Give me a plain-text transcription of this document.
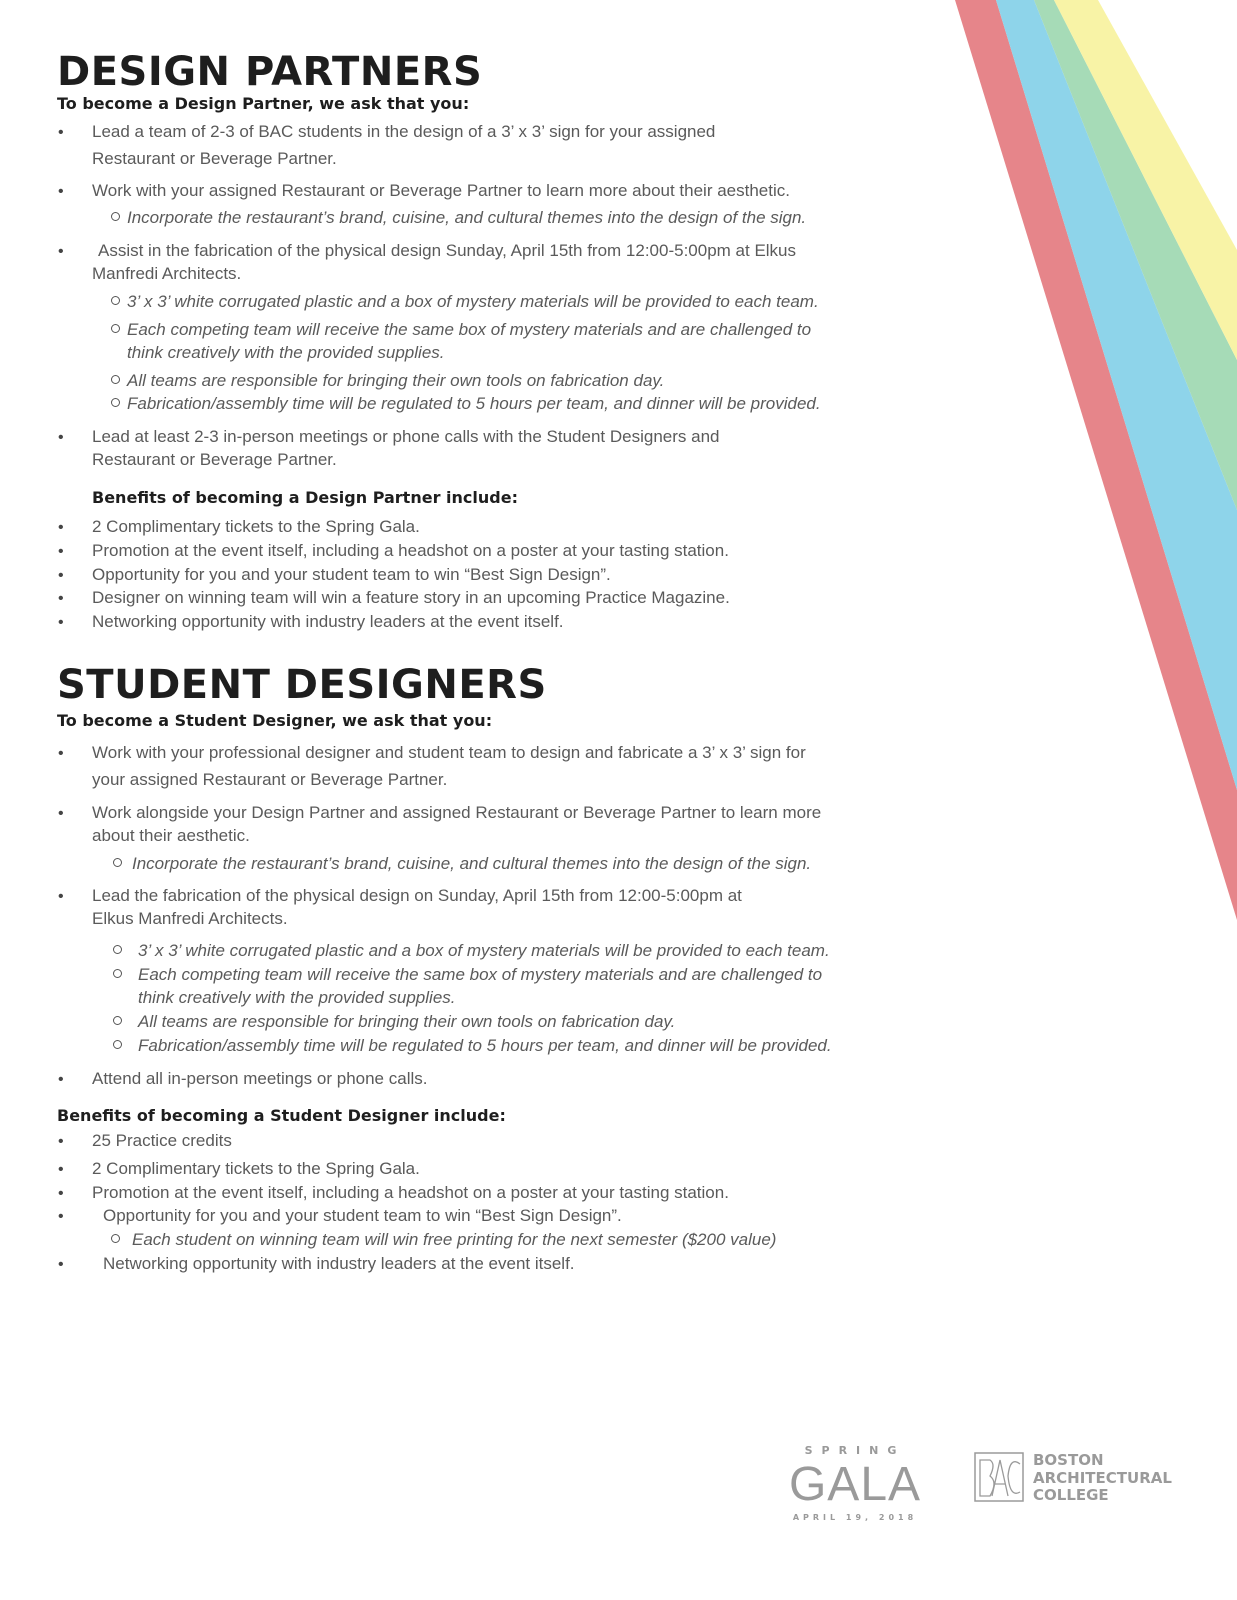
DESIGN PARTNERS

To become a Design Partner, we ask that you:

•	Lead a team of 2-3 of BAC students in the design of a 3’ x 3’ sign for your assigned

Restaurant or Beverage Partner.

•	Work with your assigned Restaurant or Beverage Partner to learn more about their aesthetic.

Incorporate the restaurant’s brand, cuisine, and cultural themes into the design of the sign.

•	Assist in the fabrication of the physical design Sunday, April 15th from 12:00-5:00pm at Elkus

Manfredi Architects.

3’ x 3’ white corrugated plastic and a box of mystery materials will be provided to each team.

Each competing team will receive the same box of mystery materials and are challenged to

think creatively with the provided supplies.

All teams are responsible for bringing their own tools on fabrication day.

Fabrication/assembly time will be regulated to 5 hours per team, and dinner will be provided.

•	Lead at least 2-3 in-person meetings or phone calls with the Student Designers and

Restaurant or Beverage Partner.

Benefits of becoming a Design Partner include:

•	2 Complimentary tickets to the Spring Gala.

•	Promotion at the event itself, including a headshot on a poster at your tasting station.

•	Opportunity for you and your student team to win “Best Sign Design”.

•	Designer on winning team will win a feature story in an upcoming Practice Magazine.

•	Networking opportunity with industry leaders at the event itself.

STUDENT DESIGNERS

To become a Student Designer, we ask that you:

•	Work with your professional designer and student team to design and fabricate a 3’ x 3’ sign for

your assigned Restaurant or Beverage Partner.

•	Work alongside your Design Partner and assigned Restaurant or Beverage Partner to learn more

about their aesthetic.

Incorporate the restaurant’s brand, cuisine, and cultural themes into the design of the sign.

•	Lead the fabrication of the physical design on Sunday, April 15th from 12:00-5:00pm at

Elkus Manfredi Architects.

3’ x 3’ white corrugated plastic and a box of mystery materials will be provided to each team.

Each competing team will receive the same box of mystery materials and are challenged to

think creatively with the provided supplies.

All teams are responsible for bringing their own tools on fabrication day.

Fabrication/assembly time will be regulated to 5 hours per team, and dinner will be provided.

•	Attend all in-person meetings or phone calls.

Benefits of becoming a Student Designer include:

•	25 Practice credits

•	2 Complimentary tickets to the Spring Gala.

•	Promotion at the event itself, including a headshot on a poster at your tasting station.

•	Opportunity for you and your student team to win “Best Sign Design”.

Each student on winning team will win free printing for the next semester ($200 value)

•	Networking opportunity with industry leaders at the event itself.

SPRING
GALA
APRIL 19, 2018
BOSTON
ARCHITECTURAL
COLLEGE
